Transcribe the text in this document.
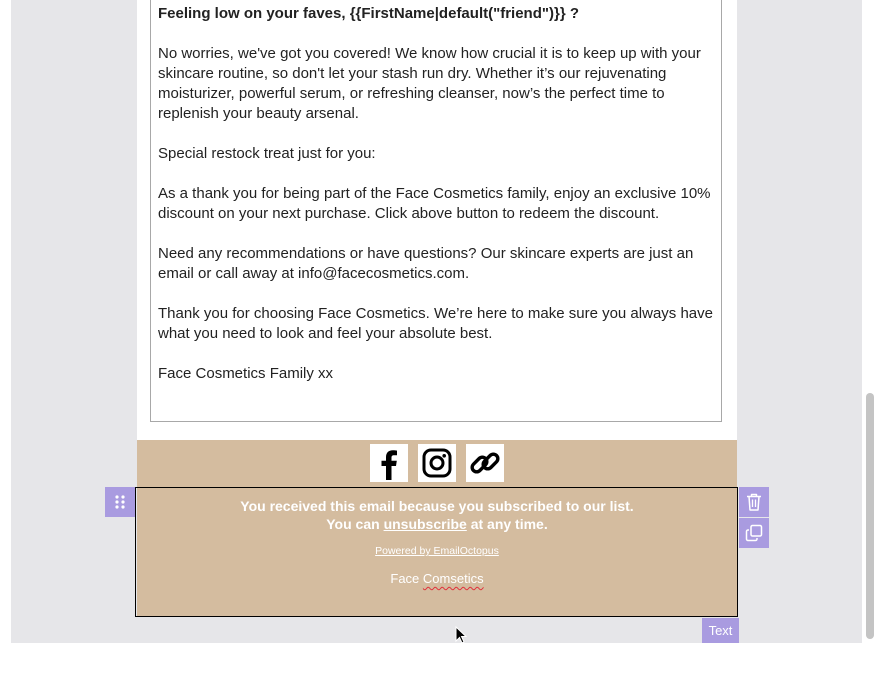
Feeling low on your faves, {{FirstName|default("friend")}} ?

No worries, we've got you covered! We know how crucial it is to keep up with your skincare routine, so don't let your stash run dry. Whether it’s our rejuvenating moisturizer, powerful serum, or refreshing cleanser, now’s the perfect time to replenish your beauty arsenal.

Special restock treat just for you:

As a thank you for being part of the Face Cosmetics family, enjoy an exclusive 10% discount on your next purchase. Click above button to redeem the discount.

Need any recommendations or have questions? Our skincare experts are just an email or call away at info@facecosmetics.com.

Thank you for choosing Face Cosmetics. We’re here to make sure you always have what you need to look and feel your absolute best.

Face Cosmetics Family xx

You received this email because you subscribed to our list.
You can unsubscribe at any time.
Powered by EmailOctopus
Face Comsetics
Text
